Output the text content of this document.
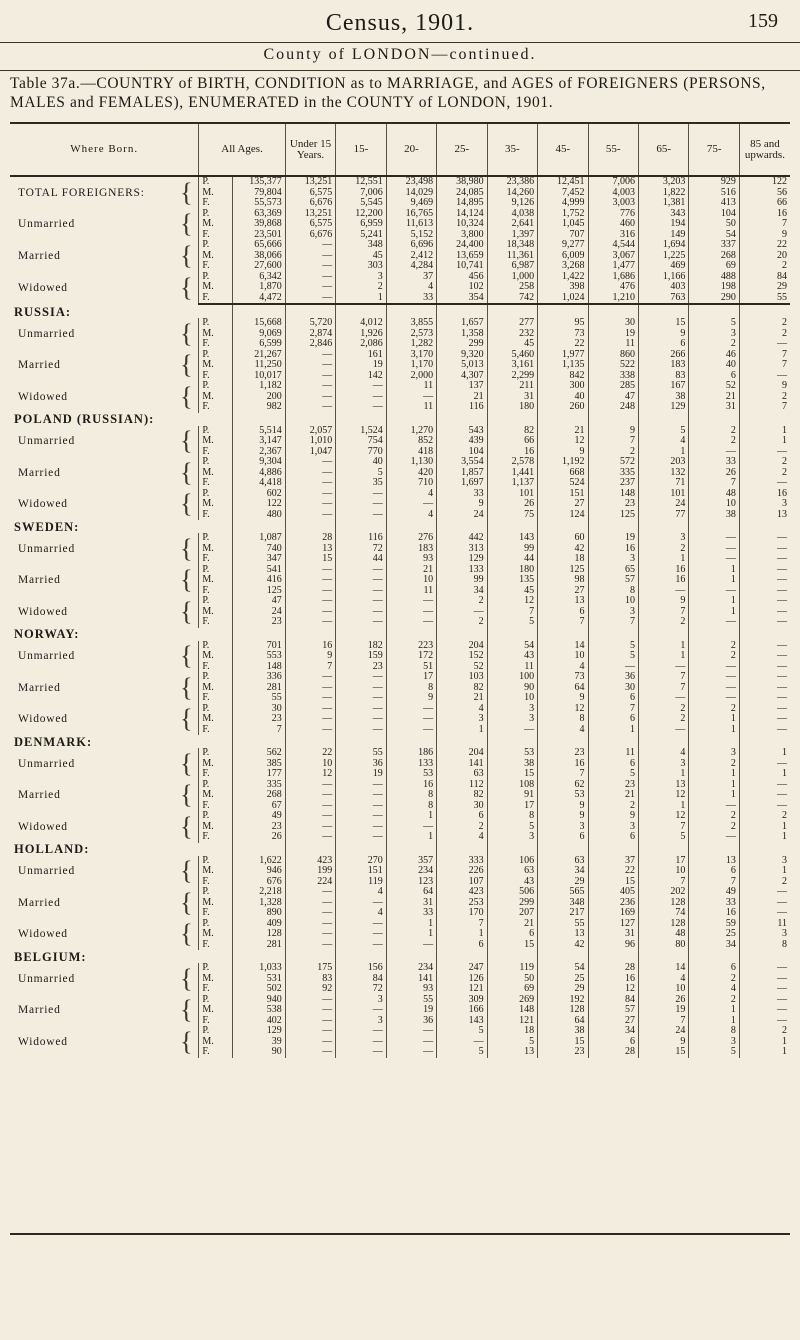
Census, 1901.	159
County of LONDON—continued.
Table 37a.—COUNTRY of BIRTH, CONDITION as to MARRIAGE, and AGES of FOREIGNERS (PERSONS, MALES and FEMALES), ENUMERATED in the COUNTY of LONDON, 1901.
Where Born.	All Ages.		Under 15 Years.	15-	20-	25-	35-	45-	55-	65-	75-	85 and upwards.
TOTAL FOREIGNERS: {	P.	135,377	13,251	12,551	23,498	38,980	23,386	12,451	7,006	3,203	929	122
	M.	79,804	6,575	7,006	14,029	24,085	14,260	7,452	4,003	1,822	516	56
	F.	55,573	6,676	5,545	9,469	14,895	9,126	4,999	3,003	1,381	413	66
Unmarried {	P.	63,369	13,251	12,200	16,765	14,124	4,038	1,752	776	343	104	16
	M.	39,868	6,575	6,959	11,613	10,324	2,641	1,045	460	194	50	7
	F.	23,501	6,676	5,241	5,152	3,800	1,397	707	316	149	54	9
Married {	P.	65,666	—	348	6,696	24,400	18,348	9,277	4,544	1,694	337	22
	M.	38,066	—	45	2,412	13,659	11,361	6,009	3,067	1,225	268	20
	F.	27,600	—	303	4,284	10,741	6,987	3,268	1,477	469	69	2
Widowed {	P.	6,342	—	3	37	456	1,000	1,422	1,686	1,166	488	84
	M.	1,870	—	2	4	102	258	398	476	403	198	29
	F.	4,472	—	1	33	354	742	1,024	1,210	763	290	55
RUSSIA:												
Unmarried {	P.	15,668	5,720	4,012	3,855	1,657	277	95	30	15	5	2
	M.	9,069	2,874	1,926	2,573	1,358	232	73	19	9	3	2
	F.	6,599	2,846	2,086	1,282	299	45	22	11	6	2	—
Married {	P.	21,267	—	161	3,170	9,320	5,460	1,977	860	266	46	7
	M.	11,250	—	19	1,170	5,013	3,161	1,135	522	183	40	7
	F.	10,017	—	142	2,000	4,307	2,299	842	338	83	6	—
Widowed {	P.	1,182	—	—	11	137	211	300	285	167	52	9
	M.	200	—	—	—	21	31	40	47	38	21	2
	F.	982	—	—	11	116	180	260	248	129	31	7
POLAND (RUSSIAN):												
Unmarried {	P.	5,514	2,057	1,524	1,270	543	82	21	9	5	2	1
	M.	3,147	1,010	754	852	439	66	12	7	4	2	1
	F.	2,367	1,047	770	418	104	16	9	2	1	—	—
Married {	P.	9,304	—	40	1,130	3,554	2,578	1,192	572	203	33	2
	M.	4,886	—	5	420	1,857	1,441	668	335	132	26	2
	F.	4,418	—	35	710	1,697	1,137	524	237	71	7	—
Widowed {	P.	602	—	—	4	33	101	151	148	101	48	16
	M.	122	—	—	—	9	26	27	23	24	10	3
	F.	480	—	—	4	24	75	124	125	77	38	13
SWEDEN:												
Unmarried {	P.	1,087	28	116	276	442	143	60	19	3	—	—
	M.	740	13	72	183	313	99	42	16	2	—	—
	F.	347	15	44	93	129	44	18	3	1	—	—
Married {	P.	541	—	—	21	133	180	125	65	16	1	—
	M.	416	—	—	10	99	135	98	57	16	1	—
	F.	125	—	—	11	34	45	27	8	—	—	—
Widowed {	P.	47	—	—	—	2	12	13	10	9	1	—
	M.	24	—	—	—	—	7	6	3	7	1	—
	F.	23	—	—	—	2	5	7	7	2	—	—
NORWAY:												
Unmarried {	P.	701	16	182	223	204	54	14	5	1	2	—
	M.	553	9	159	172	152	43	10	5	1	2	—
	F.	148	7	23	51	52	11	4	—	—	—	—
Married {	P.	336	—	—	17	103	100	73	36	7	—	—
	M.	281	—	—	8	82	90	64	30	7	—	—
	F.	55	—	—	9	21	10	9	6	—	—	—
Widowed {	P.	30	—	—	—	4	3	12	7	2	2	—
	M.	23	—	—	—	3	3	8	6	2	1	—
	F.	7	—	—	—	1	—	4	1	—	1	—
DENMARK:												
Unmarried {	P.	562	22	55	186	204	53	23	11	4	3	1
	M.	385	10	36	133	141	38	16	6	3	2	—
	F.	177	12	19	53	63	15	7	5	1	1	1
Married {	P.	335	—	—	16	112	108	62	23	13	1	—
	M.	268	—	—	8	82	91	53	21	12	1	—
	F.	67	—	—	8	30	17	9	2	1	—	—
Widowed {	P.	49	—	—	1	6	8	9	9	12	2	2
	M.	23	—	—	—	2	5	3	3	7	2	1
	F.	26	—	—	1	4	3	6	6	5	—	1
HOLLAND:												
Unmarried {	P.	1,622	423	270	357	333	106	63	37	17	13	3
	M.	946	199	151	234	226	63	34	22	10	6	1
	F.	676	224	119	123	107	43	29	15	7	7	2
Married {	P.	2,218	—	4	64	423	506	565	405	202	49	—
	M.	1,328	—	—	31	253	299	348	236	128	33	—
	F.	890	—	4	33	170	207	217	169	74	16	—
Widowed {	P.	409	—	—	1	7	21	55	127	128	59	11
	M.	128	—	—	1	1	6	13	31	48	25	3
	F.	281	—	—	—	6	15	42	96	80	34	8
BELGIUM:												
Unmarried {	P.	1,033	175	156	234	247	119	54	28	14	6	—
	M.	531	83	84	141	126	50	25	16	4	2	—
	F.	502	92	72	93	121	69	29	12	10	4	—
Married {	P.	940	—	3	55	309	269	192	84	26	2	—
	M.	538	—	—	19	166	148	128	57	19	1	—
	F.	402	—	3	36	143	121	64	27	7	1	—
Widowed {	P.	129	—	—	—	5	18	38	34	24	8	2
	M.	39	—	—	—	—	5	15	6	9	3	1
	F.	90	—	—	—	5	13	23	28	15	5	1
